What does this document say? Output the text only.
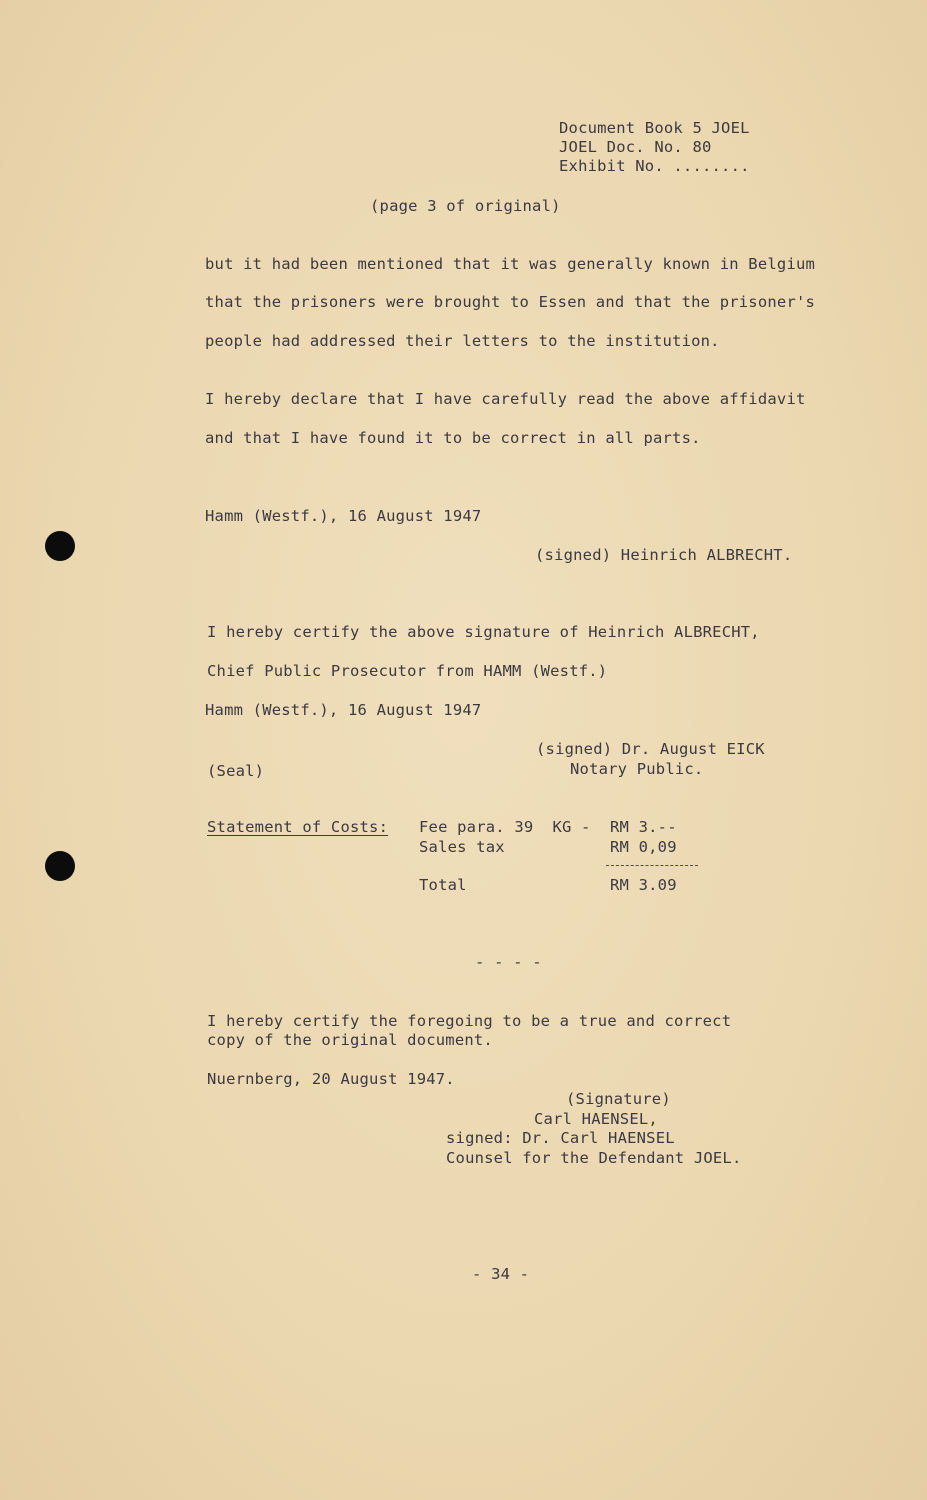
Document Book 5 JOEL
JOEL Doc. No. 80
Exhibit No. ........
(page 3 of original)
but it had been mentioned that it was generally known in Belgium
that the prisoners were brought to Essen and that the prisoner's
people had addressed their letters to the institution.
I hereby declare that I have carefully read the above affidavit
and that I have found it to be correct in all parts.
Hamm (Westf.), 16 August 1947
(signed) Heinrich ALBRECHT.
I hereby certify the above signature of Heinrich ALBRECHT,
Chief Public Prosecutor from HAMM (Westf.)
Hamm (Westf.), 16 August 1947
(signed) Dr. August EICK
Notary Public.
(Seal)
Statement of Costs: Fee para. 39  KG - RM 3.--
Sales tax	RM 0,09
Total	RM 3.09
- - - -
I hereby certify the foregoing to be a true and correct
copy of the original document.
Nuernberg, 20 August 1947.
(Signature)
Carl HAENSEL,
signed: Dr. Carl HAENSEL
Counsel for the Defendant JOEL.
- 34 -
